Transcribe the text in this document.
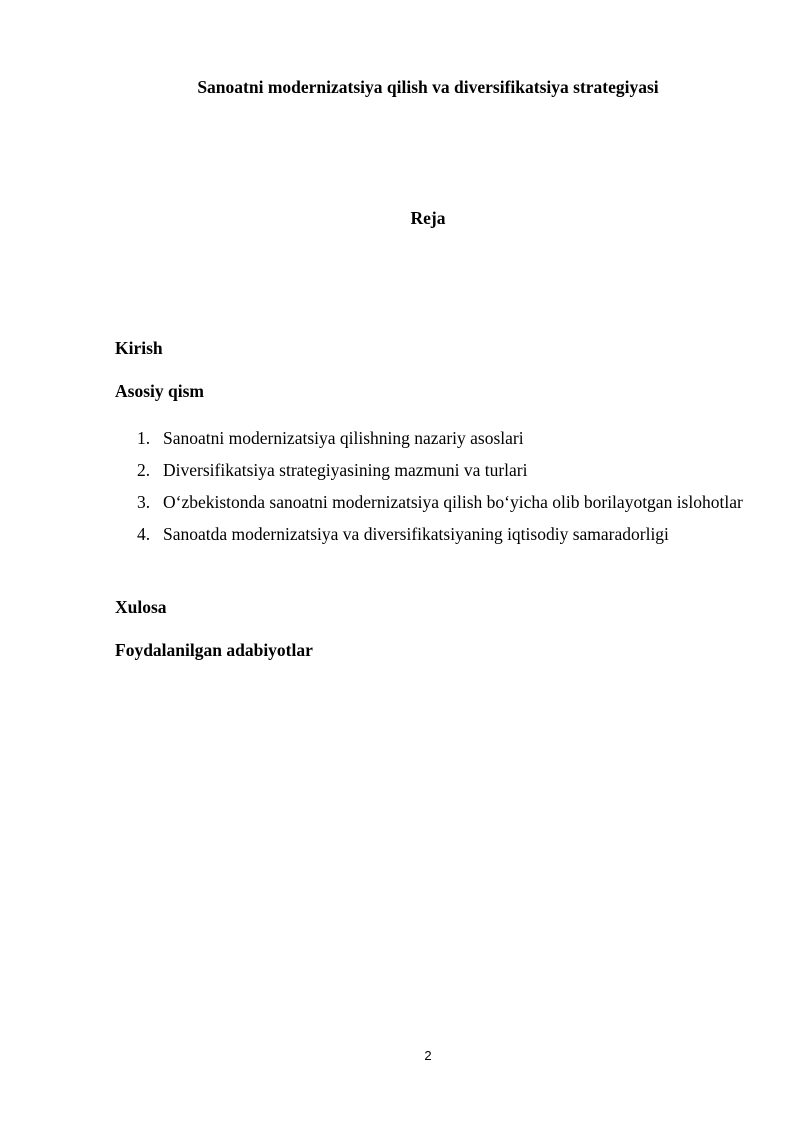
Sanoatni modernizatsiya qilish va diversifikatsiya strategiyasi
Reja
Kirish
Asosiy qism
1. Sanoatni modernizatsiya qilishning nazariy asoslari
2. Diversifikatsiya strategiyasining mazmuni va turlari
3. O‘zbekistonda sanoatni modernizatsiya qilish bo‘yicha olib borilayotgan islohotlar
4. Sanoatda modernizatsiya va diversifikatsiyaning iqtisodiy samaradorligi
Xulosa
Foydalanilgan adabiyotlar
2
